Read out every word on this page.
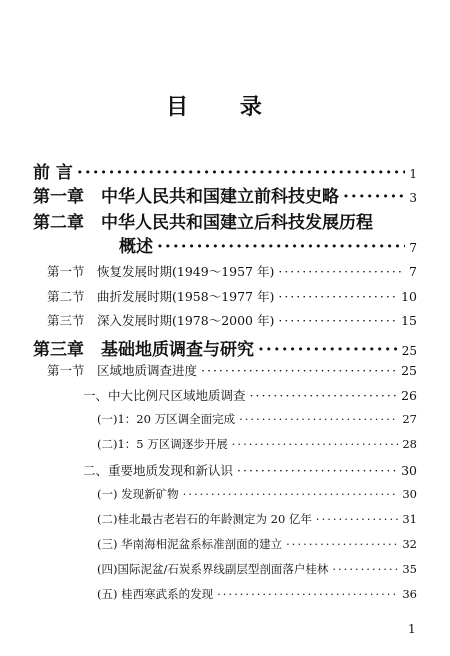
目 录
前 言 ·····	1
第一章　中华人民共和国建立前科技史略 ·····	3
第二章　中华人民共和国建立后科技发展历程
概述 ·····	7
第一节　恢复发展时期(1949～1957 年) ·····	7
第二节　曲折发展时期(1958～1977 年) ·····	10
第三节　深入发展时期(1978～2000 年) ·····	15
第三章　基础地质调查与研究 ·····	25
第一节　区域地质调查进度 ·····	25
一、中大比例尺区域地质调查 ·····	26
(一)1：20 万区调全面完成 ·····	27
(二)1：5 万区调逐步开展 ·····	28
二、重要地质发现和新认识 ·····	30
(一) 发现新矿物 ·····	30
(二)桂北最古老岩石的年龄测定为 20 亿年 ·····	31
(三) 华南海相泥盆系标准剖面的建立 ·····	32
(四)国际泥盆/石炭系界线副层型剖面落户桂林 ·····	35
(五) 桂西寒武系的发现 ·····	36
1
